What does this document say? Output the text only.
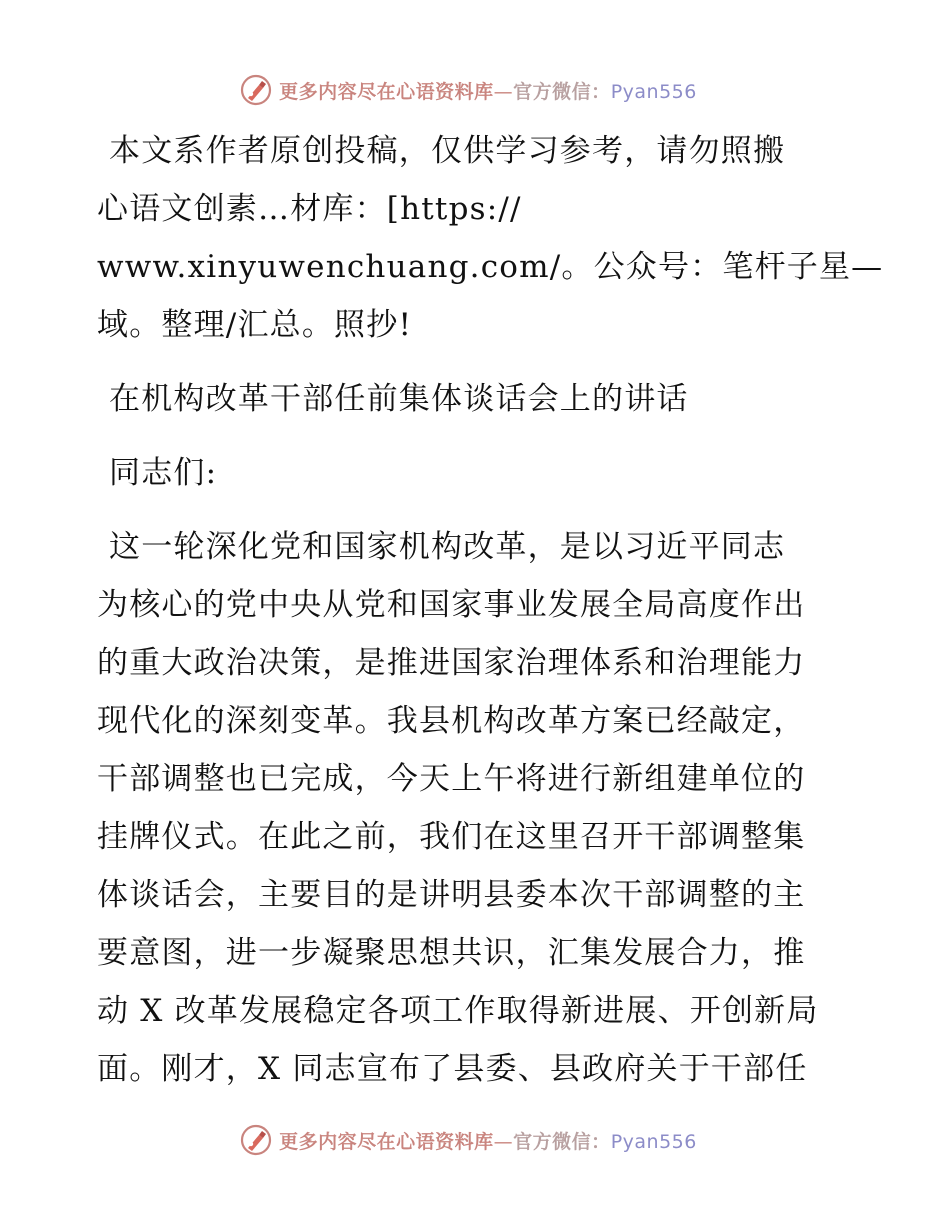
更多内容尽在心语资料库—官方微信：Pyan556
本文系作者原创投稿，仅供学习参考，请勿照搬
心语文创素…材库：[https://
www.xinyuwenchuang.com/。公众号：笔杆子星—
域。整理/汇总。照抄!
在机构改革干部任前集体谈话会上的讲话
同志们:
这一轮深化党和国家机构改革，是以习近平同志
为核心的党中央从党和国家事业发展全局高度作出
的重大政治决策，是推进国家治理体系和治理能力
现代化的深刻变革。我县机构改革方案已经敲定，
干部调整也已完成，今天上午将进行新组建单位的
挂牌仪式。在此之前，我们在这里召开干部调整集
体谈话会，主要目的是讲明县委本次干部调整的主
要意图，进一步凝聚思想共识，汇集发展合力，推
动 X 改革发展稳定各项工作取得新进展、开创新局
面。刚才，X 同志宣布了县委、县政府关于干部任
更多内容尽在心语资料库—官方微信：Pyan556
